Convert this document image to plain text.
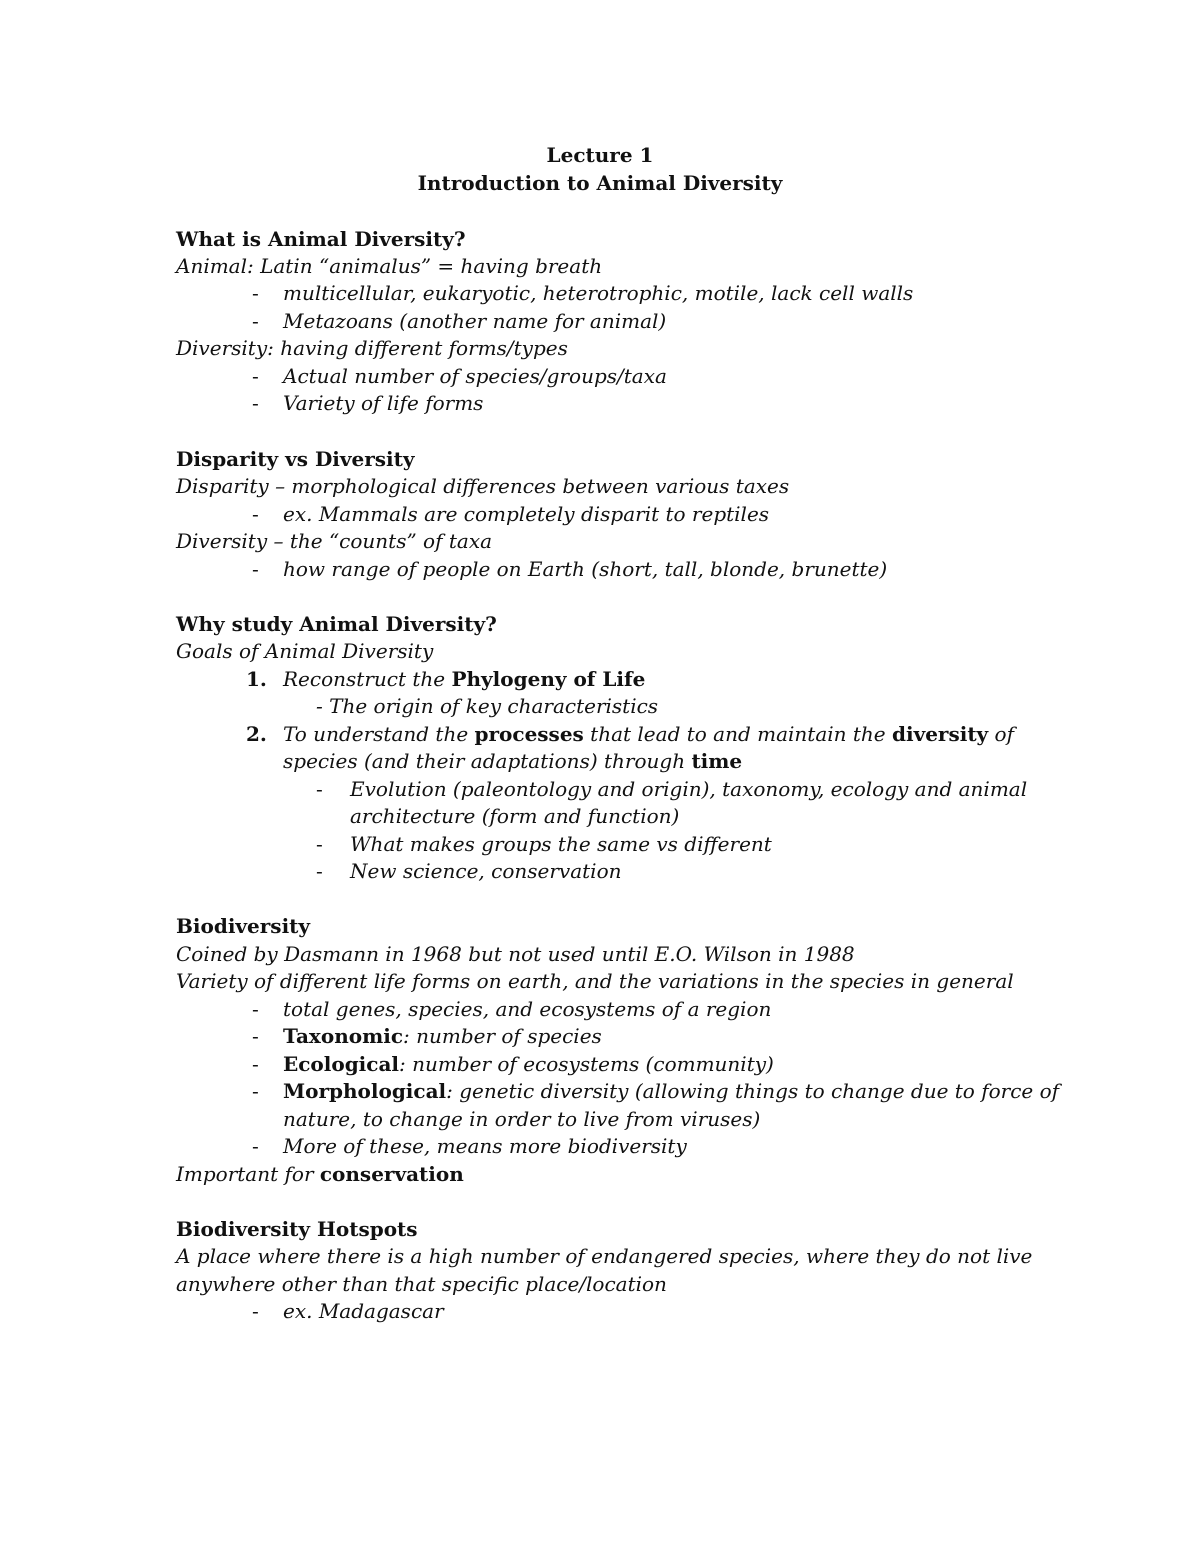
Lecture 1
Introduction to Animal Diversity
What is Animal Diversity?
Animal: Latin “animalus” = having breath
- multicellular, eukaryotic, heterotrophic, motile, lack cell walls
- Metazoans (another name for animal)
Diversity: having different forms/types
- Actual number of species/groups/taxa
- Variety of life forms
Disparity vs Diversity
Disparity – morphological differences between various taxes
- ex. Mammals are completely disparit to reptiles
Diversity – the “counts” of taxa
- how range of people on Earth (short, tall, blonde, brunette)
Why study Animal Diversity?
Goals of Animal Diversity
1. Reconstruct the Phylogeny of Life
- The origin of key characteristics
2. To understand the processes that lead to and maintain the diversity of
species (and their adaptations) through time
- Evolution (paleontology and origin), taxonomy, ecology and animal
architecture (form and function)
- What makes groups the same vs different
- New science, conservation
Biodiversity
Coined by Dasmann in 1968 but not used until E.O. Wilson in 1988
Variety of different life forms on earth, and the variations in the species in general
- total genes, species, and ecosystems of a region
- Taxonomic: number of species
- Ecological: number of ecosystems (community)
- Morphological: genetic diversity (allowing things to change due to force of
nature, to change in order to live from viruses)
- More of these, means more biodiversity
Important for conservation
Biodiversity Hotspots
A place where there is a high number of endangered species, where they do not live
anywhere other than that specific place/location
- ex. Madagascar
